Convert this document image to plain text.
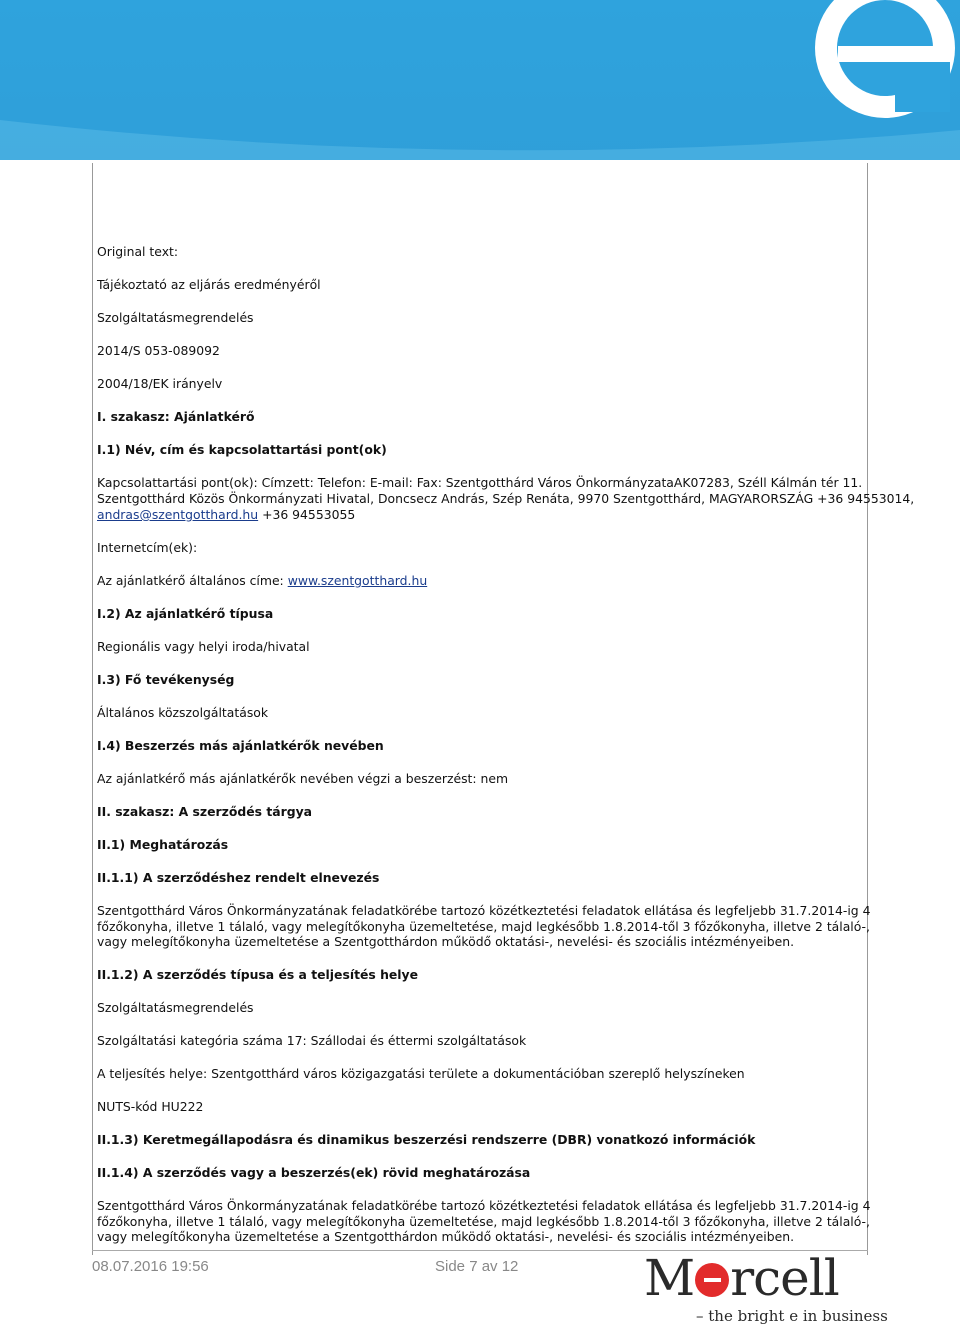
Original text:
Tájékoztató az eljárás eredményéről
Szolgáltatásmegrendelés
2014/S 053-089092
2004/18/EK irányelv
I. szakasz: Ajánlatkérő
I.1) Név, cím és kapcsolattartási pont(ok)
Kapcsolattartási pont(ok): Címzett: Telefon: E-mail: Fax: Szentgotthárd Város ÖnkormányzataAK07283, Széll Kálmán tér 11.
Szentgotthárd Közös Önkormányzati Hivatal, Doncsecz András, Szép Renáta, 9970 Szentgotthárd, MAGYARORSZÁG +36 94553014,
andras@szentgotthard.hu +36 94553055
Internetcím(ek):
Az ajánlatkérő általános címe: www.szentgotthard.hu
I.2) Az ajánlatkérő típusa
Regionális vagy helyi iroda/hivatal
I.3) Fő tevékenység
Általános közszolgáltatások
I.4) Beszerzés más ajánlatkérők nevében
Az ajánlatkérő más ajánlatkérők nevében végzi a beszerzést: nem
II. szakasz: A szerződés tárgya
II.1) Meghatározás
II.1.1) A szerződéshez rendelt elnevezés
Szentgotthárd Város Önkormányzatának feladatkörébe tartozó közétkeztetési feladatok ellátása és legfeljebb 31.7.2014-ig 4
főzőkonyha, illetve 1 tálaló, vagy melegítőkonyha üzemeltetése, majd legkésőbb 1.8.2014-től 3 főzőkonyha, illetve 2 tálaló-,
vagy melegítőkonyha üzemeltetése a Szentgotthárdon működő oktatási-, nevelési- és szociális intézményeiben.
II.1.2) A szerződés típusa és a teljesítés helye
Szolgáltatásmegrendelés
Szolgáltatási kategória száma 17: Szállodai és éttermi szolgáltatások
A teljesítés helye: Szentgotthárd város közigazgatási területe a dokumentációban szereplő helyszíneken
NUTS-kód HU222
II.1.3) Keretmegállapodásra és dinamikus beszerzési rendszerre (DBR) vonatkozó információk
II.1.4) A szerződés vagy a beszerzés(ek) rövid meghatározása
Szentgotthárd Város Önkormányzatának feladatkörébe tartozó közétkeztetési feladatok ellátása és legfeljebb 31.7.2014-ig 4
főzőkonyha, illetve 1 tálaló, vagy melegítőkonyha üzemeltetése, majd legkésőbb 1.8.2014-től 3 főzőkonyha, illetve 2 tálaló-,
vagy melegítőkonyha üzemeltetése a Szentgotthárdon működő oktatási-, nevelési- és szociális intézményeiben.
08.07.2016 19:56	Side 7 av 12	M rcell
– the bright e in business
